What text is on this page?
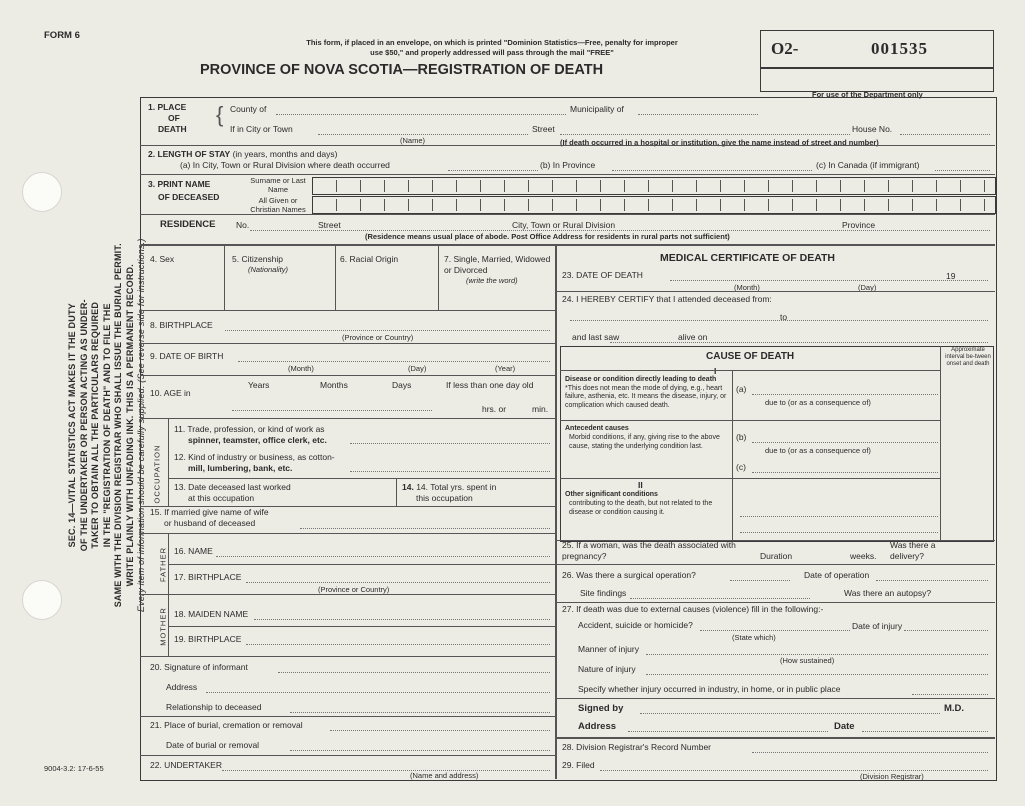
SEC. 14—VITAL STATISTICS ACT MAKES IT THE DUTY OF THE UNDERTAKER OR PERSON ACTING AS UNDER- TAKER TO OBTAIN ALL THE PARTICULARS REQUIRED IN THE "REGISTRATION OF DEATH" AND TO FILE THE SAME WITH THE DIVISION REGISTRAR WHO SHALL ISSUE THE BURIAL PERMIT. WRITE PLAINLY WITH UNFADING INK. THIS IS A PERMANENT RECORD. Every item of information should be carefully supplied. (See reverse side for instructions.)
FORM 6
This form, if placed in an envelope, on which is printed "Dominion Statistics—Free, penalty for improper
use $50," and properly addressed will pass through the mail "FREE"
PROVINCE OF NOVA SCOTIA—REGISTRATION OF DEATH
O2-	001535
For use of the Department only
1. PLACE
OF
DEATH
{ County of	Municipality of
If in City or Town
(Name)
Street	House No.
(If death occurred in a hospital or institution, give the name instead of street and number)
2. LENGTH OF STAY (in years, months and days)
(a) In City, Town or Rural Division where death occurred	(b) In Province	(c) In Canada (if immigrant)
3. PRINT NAME
OF DECEASED
Surname or Last Name
All Given or Christian Names
RESIDENCE No.	Street	City, Town or Rural Division	Province
(Residence means usual place of abode. Post Office Address for residents in rural parts not sufficient)
4. Sex	5. Citizenship
(Nationality)
6. Racial Origin	7. Single, Married, Widowed or Divorced
(write the word)
8. BIRTHPLACE
(Province or Country)
9. DATE OF BIRTH
(Month)	(Day)	(Year)
10. AGE in
Years	Months	Days	If less than one day old
hrs. or	min.
OCCUPATION
11. Trade, profession, or kind of work as
spinner, teamster, office clerk, etc.
12. Kind of industry or business, as cotton-
mill, lumbering, bank, etc.
13. Date deceased last worked
at this occupation
14. 14. Total yrs. spent in
this occupation
15. If married give name of wife
or husband of deceased
FATHER 16. NAME
17. BIRTHPLACE
(Province or Country)
MOTHER 18. MAIDEN NAME
19. BIRTHPLACE
20. Signature of informant
Address
Relationship to deceased
21. Place of burial, cremation or removal
Date of burial or removal
22. UNDERTAKER
(Name and address)
9004-3.2: 17-6-55
MEDICAL CERTIFICATE OF DEATH
23. DATE OF DEATH	19
(Month)	(Day)
24. I HEREBY CERTIFY that I attended deceased from:
to
and last saw	alive on
CAUSE OF DEATH
Approximate interval be-tween onset and death
I
Disease or condition directly leading to death
*This does not mean the mode of dying, e.g., heart failure, asthenia, etc. It means the disease, injury, or complication which caused death.
(a)
due to (or as a consequence of)
Antecedent causes
Morbid conditions, if any, giving rise to the above cause, stating the underlying condition last.
(b)
due to (or as a consequence of)
(c)
II
Other significant conditions
contributing to the death, but not related to the disease or condition causing it.
25. If a woman, was the death associated with pregnancy?	Duration	weeks.
Was there a delivery?
26. Was there a surgical operation?	Date of operation
Site findings	Was there an autopsy?
27. If death was due to external causes (violence) fill in the following:-
Accident, suicide or homicide?	Date of injury
(State which)
Manner of injury
(How sustained)
Nature of injury
Specify whether injury occurred in industry, in home, or in public place
Signed by	M.D.
Address	Date
28. Division Registrar's Record Number
29. Filed
(Division Registrar)
